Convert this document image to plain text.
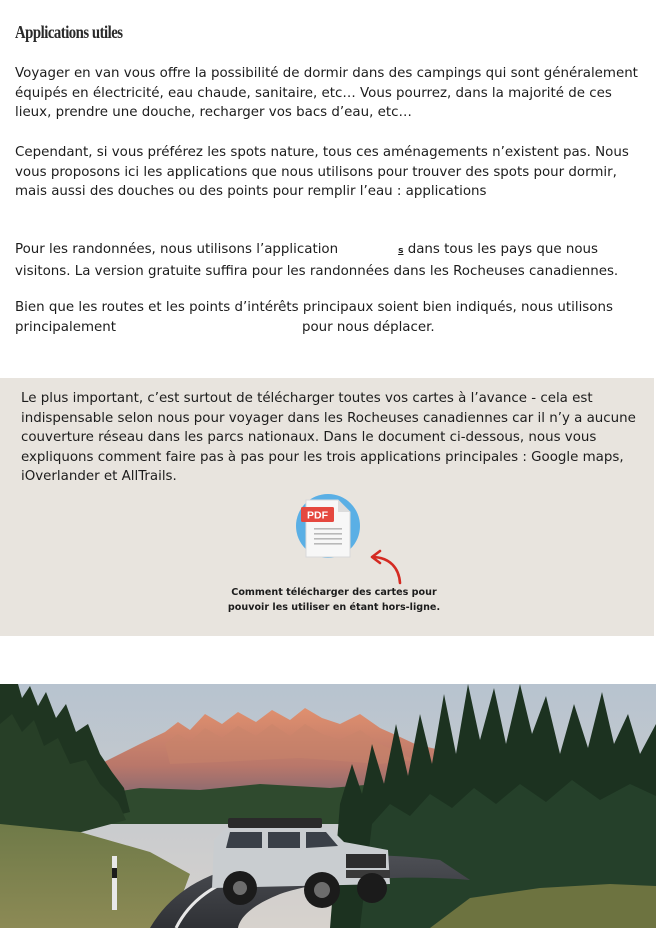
Applications utiles

Voyager en van vous offre la possibilité de dormir dans des campings qui sont généralement équipés en électricité, eau chaude, sanitaire, etc… Vous pourrez, dans la majorité de ces lieux, prendre une douche, recharger vos bacs d’eau, etc…

Cependant, si vous préférez les spots nature, tous ces aménagements n’existent pas. Nous vous proposons ici les applications que nous utilisons pour trouver des spots pour dormir, mais aussi des douches ou des points pour remplir l’eau : applications

Pour les randonnées, nous utilisons l’application	s dans tous les pays que nous visitons. La version gratuite suffira pour les randonnées dans les Rocheuses canadiennes.

Bien que les routes et les points d’intérêts principaux soient bien indiqués, nous utilisons principalement	pour nous déplacer.

Le plus important, c’est surtout de télécharger toutes vos cartes à l’avance - cela est indispensable selon nous pour voyager dans les Rocheuses canadiennes car il n’y a aucune couverture réseau dans les parcs nationaux. Dans le document ci-dessous, nous vous expliquons comment faire pas à pas pour les trois applications principales : Google maps, iOverlander et AllTrails.

PDF
Comment télécharger des cartes pour
pouvoir les utiliser en étant hors-ligne.
